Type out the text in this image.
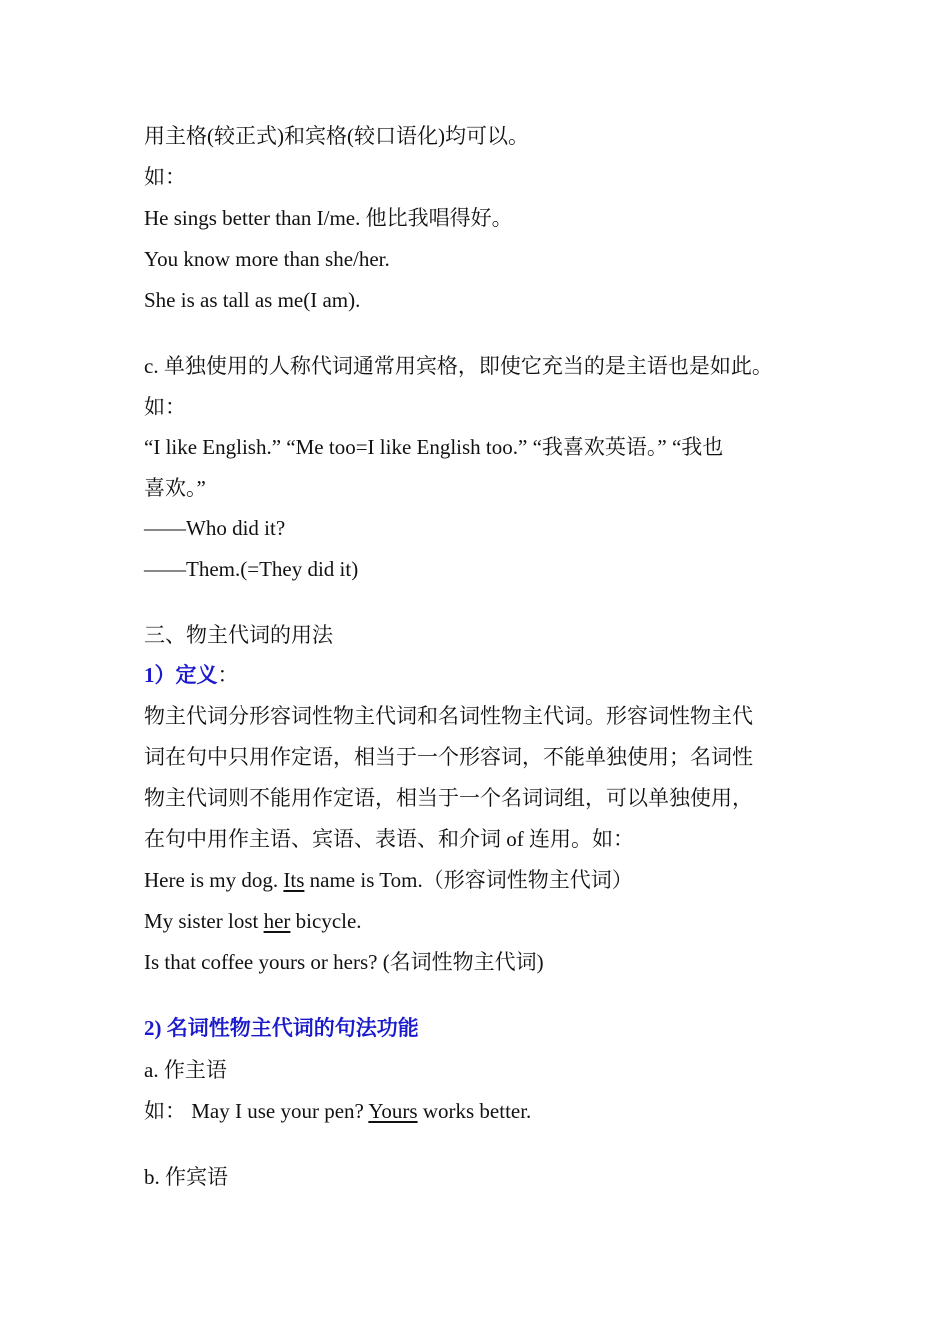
用主格(较正式)和宾格(较口语化)均可以。
如：
He sings better than I/me. 他比我唱得好。
You know more than she/her.
She is as tall as me(I am).
c. 单独使用的人称代词通常用宾格，即使它充当的是主语也是如此。
如：
“I like English.” “Me too=I like English too.” “我喜欢英语。” “我也
喜欢。”
——Who did it?
——Them.(=They did it)
三、物主代词的用法
1）定义：
物主代词分形容词性物主代词和名词性物主代词。形容词性物主代
词在句中只用作定语，相当于一个形容词，不能单独使用；名词性
物主代词则不能用作定语，相当于一个名词词组，可以单独使用，
在句中用作主语、宾语、表语、和介词 of 连用。如：
Here is my dog. Its name is Tom.（形容词性物主代词）
My sister lost her bicycle.
Is that coffee yours or hers? (名词性物主代词)
2) 名词性物主代词的句法功能
a. 作主语
如： May I use your pen? Yours works better.
b. 作宾语
